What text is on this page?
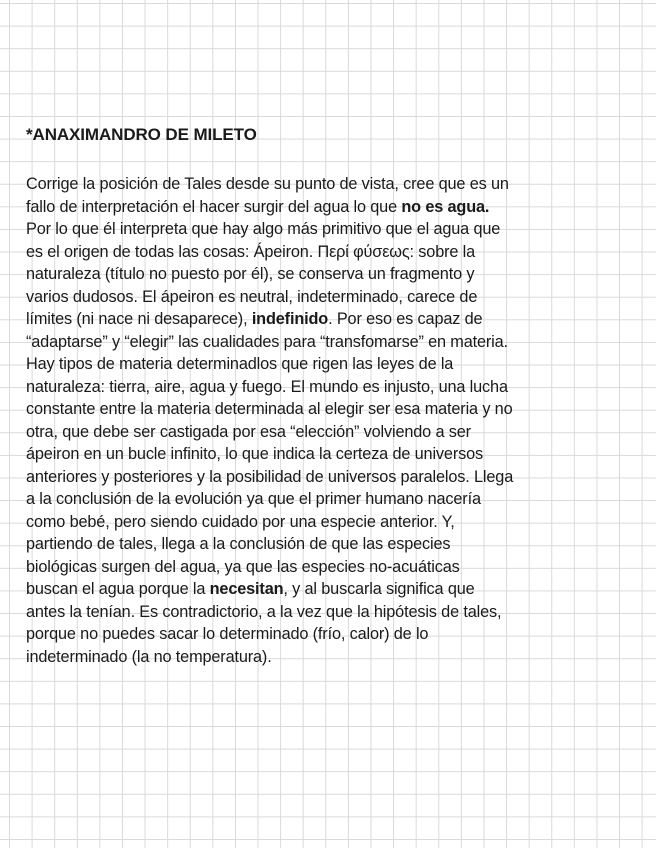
*ANAXIMANDRO DE MILETO

Corrige la posición de Tales desde su punto de vista, cree que es un
fallo de interpretación el hacer surgir del agua lo que no es agua.
Por lo que él interpreta que hay algo más primitivo que el agua que
es el origen de todas las cosas: Ápeiron. Περί φύσεως: sobre la
naturaleza (título no puesto por él), se conserva un fragmento y
varios dudosos. El ápeiron es neutral, indeterminado, carece de
límites (ni nace ni desaparece), indefinido. Por eso es capaz de
“adaptarse” y “elegir” las cualidades para “transfomarse” en materia.
Hay tipos de materia determinadlos que rigen las leyes de la
naturaleza: tierra, aire, agua y fuego. El mundo es injusto, una lucha
constante entre la materia determinada al elegir ser esa materia y no
otra, que debe ser castigada por esa “elección” volviendo a ser
ápeiron en un bucle infinito, lo que indica la certeza de universos
anteriores y posteriores y la posibilidad de universos paralelos. Llega
a la conclusión de la evolución ya que el primer humano nacería
como bebé, pero siendo cuidado por una especie anterior. Y,
partiendo de tales, llega a la conclusión de que las especies
biológicas surgen del agua, ya que las especies no-acuáticas
buscan el agua porque la necesitan, y al buscarla significa que
antes la tenían. Es contradictorio, a la vez que la hipótesis de tales,
porque no puedes sacar lo determinado (frío, calor) de lo
indeterminado (la no temperatura).
